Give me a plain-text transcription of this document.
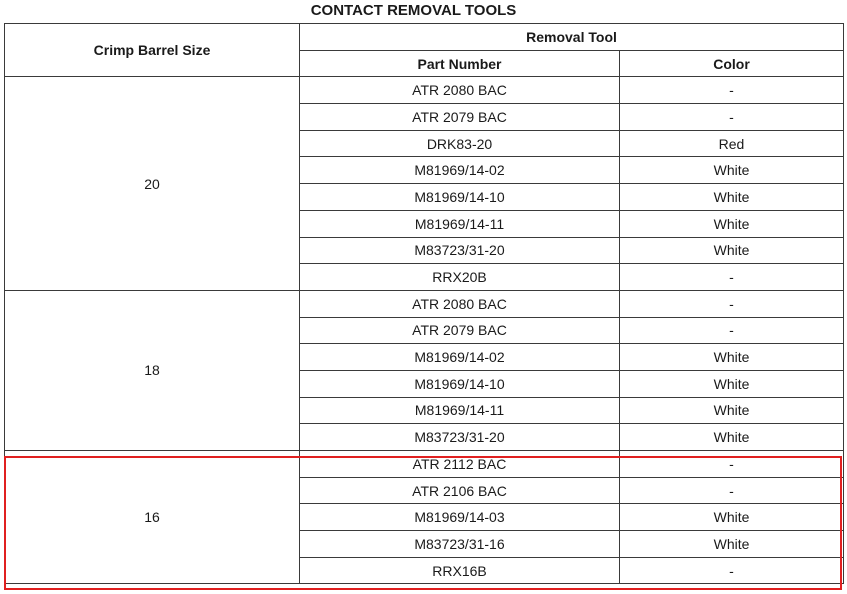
CONTACT REMOVAL TOOLS
Crimp Barrel Size	Removal Tool	
	Part Number	Color
20	ATR 2080 BAC	-
	ATR 2079 BAC	-
	DRK83-20	Red
	M81969/14-02	White
	M81969/14-10	White
	M81969/14-11	White
	M83723/31-20	White
	RRX20B	-
18	ATR 2080 BAC	-
	ATR 2079 BAC	-
	M81969/14-02	White
	M81969/14-10	White
	M81969/14-11	White
	M83723/31-20	White
16	ATR 2112 BAC	-
	ATR 2106 BAC	-
	M81969/14-03	White
	M83723/31-16	White
	RRX16B	-
